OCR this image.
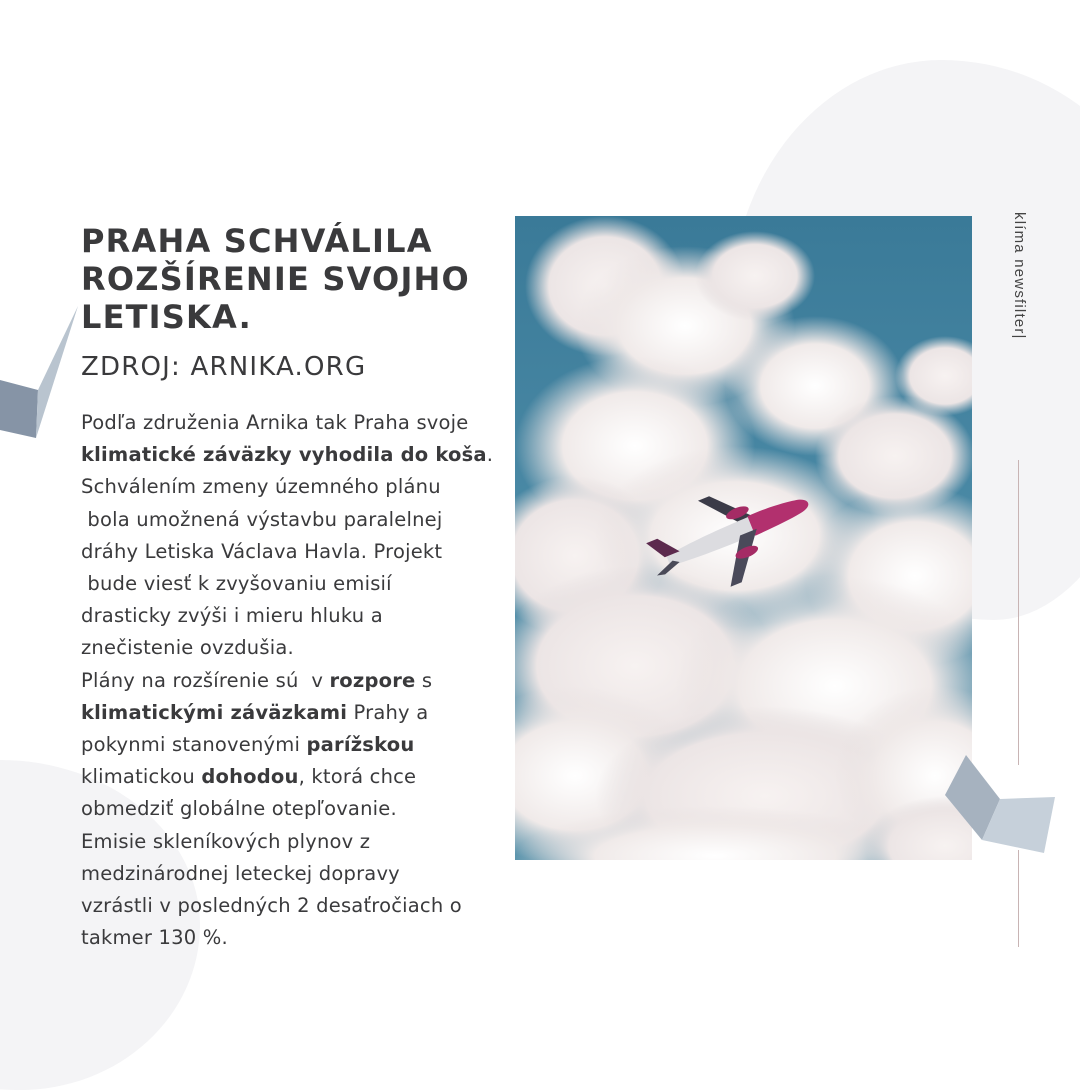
PRAHA SCHVÁLILA ROZŠÍRENIE SVOJHO LETISKA.
ZDROJ: ARNIKA.ORG
Podľa združenia Arnika tak Praha svoje
klimatické záväzky vyhodila do koša.
Schválením zmeny územného plánu
bola umožnená výstavbu paralelnej
dráhy Letiska Václava Havla. Projekt
bude viesť k zvyšovaniu emisií
drasticky zvýši i mieru hluku a
znečistenie ovzdušia.
Plány na rozšírenie sú  v rozpore s
klimatickými záväzkami Prahy a
pokynmi stanovenými parížskou
klimatickou dohodou, ktorá chce
obmedziť globálne otepľovanie.
Emisie skleníkových plynov z
medzinárodnej leteckej dopravy
vzrástli v posledných 2 desaťročiach o
takmer 130 %.
klíma newsfilter|
